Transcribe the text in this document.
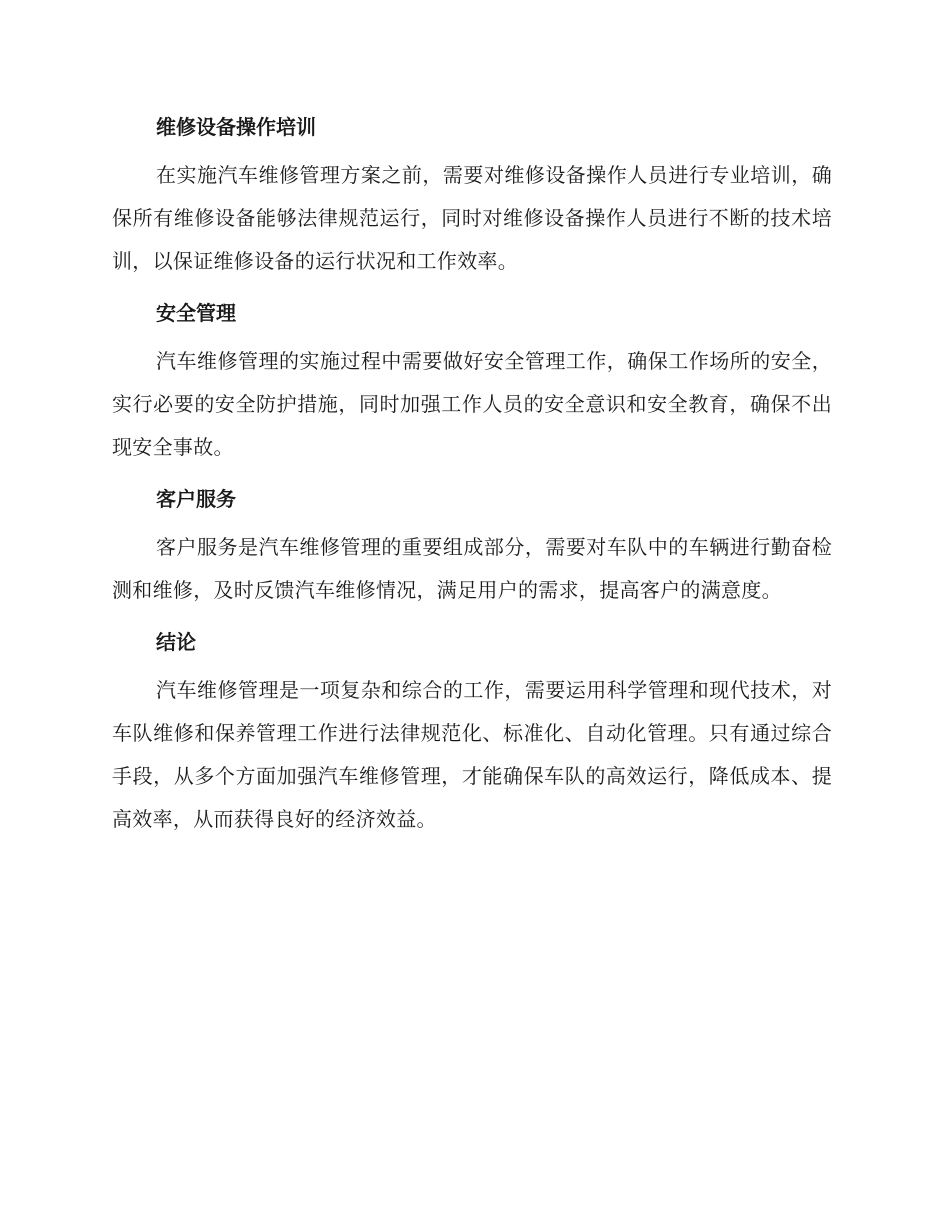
维修设备操作培训

在实施汽车维修管理方案之前，需要对维修设备操作人员进行专业培训，确保所有维修设备能够法律规范运行，同时对维修设备操作人员进行不断的技术培训，以保证维修设备的运行状况和工作效率。

安全管理

汽车维修管理的实施过程中需要做好安全管理工作，确保工作场所的安全，实行必要的安全防护措施，同时加强工作人员的安全意识和安全教育，确保不出现安全事故。

客户服务

客户服务是汽车维修管理的重要组成部分，需要对车队中的车辆进行勤奋检测和维修，及时反馈汽车维修情况，满足用户的需求，提高客户的满意度。

结论

汽车维修管理是一项复杂和综合的工作，需要运用科学管理和现代技术，对车队维修和保养管理工作进行法律规范化、标准化、自动化管理。只有通过综合手段，从多个方面加强汽车维修管理，才能确保车队的高效运行，降低成本、提高效率，从而获得良好的经济效益。
